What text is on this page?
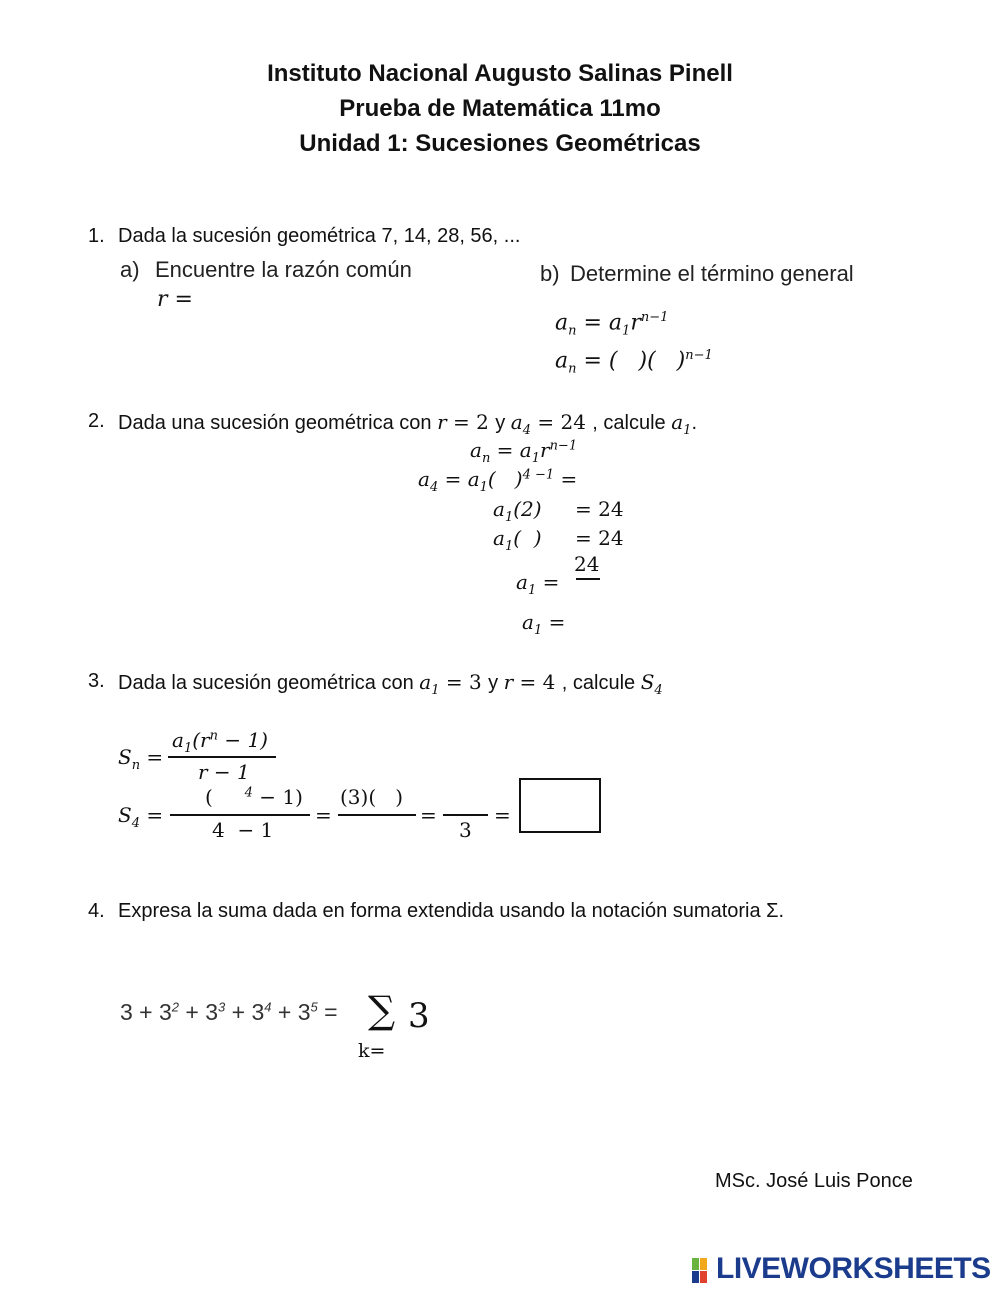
Instituto Nacional Augusto Salinas Pinell
Prueba de Matemática 11mo
Unidad 1: Sucesiones Geométricas
1. Dada la sucesión geométrica 7, 14, 28, 56, ...
a) Encuentre la razón común
r =
b) Determine el término general
$a_n = a_1r^{n-1}$
$a_n$ = (   )(   )$^{n-1}$
2. Dada una sucesión geométrica con r = 2 y $a_4 = 24$ , calcule $a_1$.
$a_n = a_1r^{n-1}$
$a_4 = a_1$(   )$^{4 -1}$ =
$a_1(2) = 24$
$a_1$(  ) = 24
$a_1$ =
24
$a_1$ =
3. Dada la sucesión geométrica con $a_1 = 3$ y r = 4 , calcule $S_4$
$S_n$ =
$a_1(r^n - 1)$
r − 1
$S_4$ =
(     $^4$ − 1)
4  − 1
=
(3)(   )
=
3
=
4. Expresa la suma dada en forma extendida usando la notación sumatoria Σ.
$3 + 3^2 + 3^3 + 3^4 + 3^5$ = ∑ 3
k=
MSc. José Luis Ponce
LIVEWORKSHEETS
